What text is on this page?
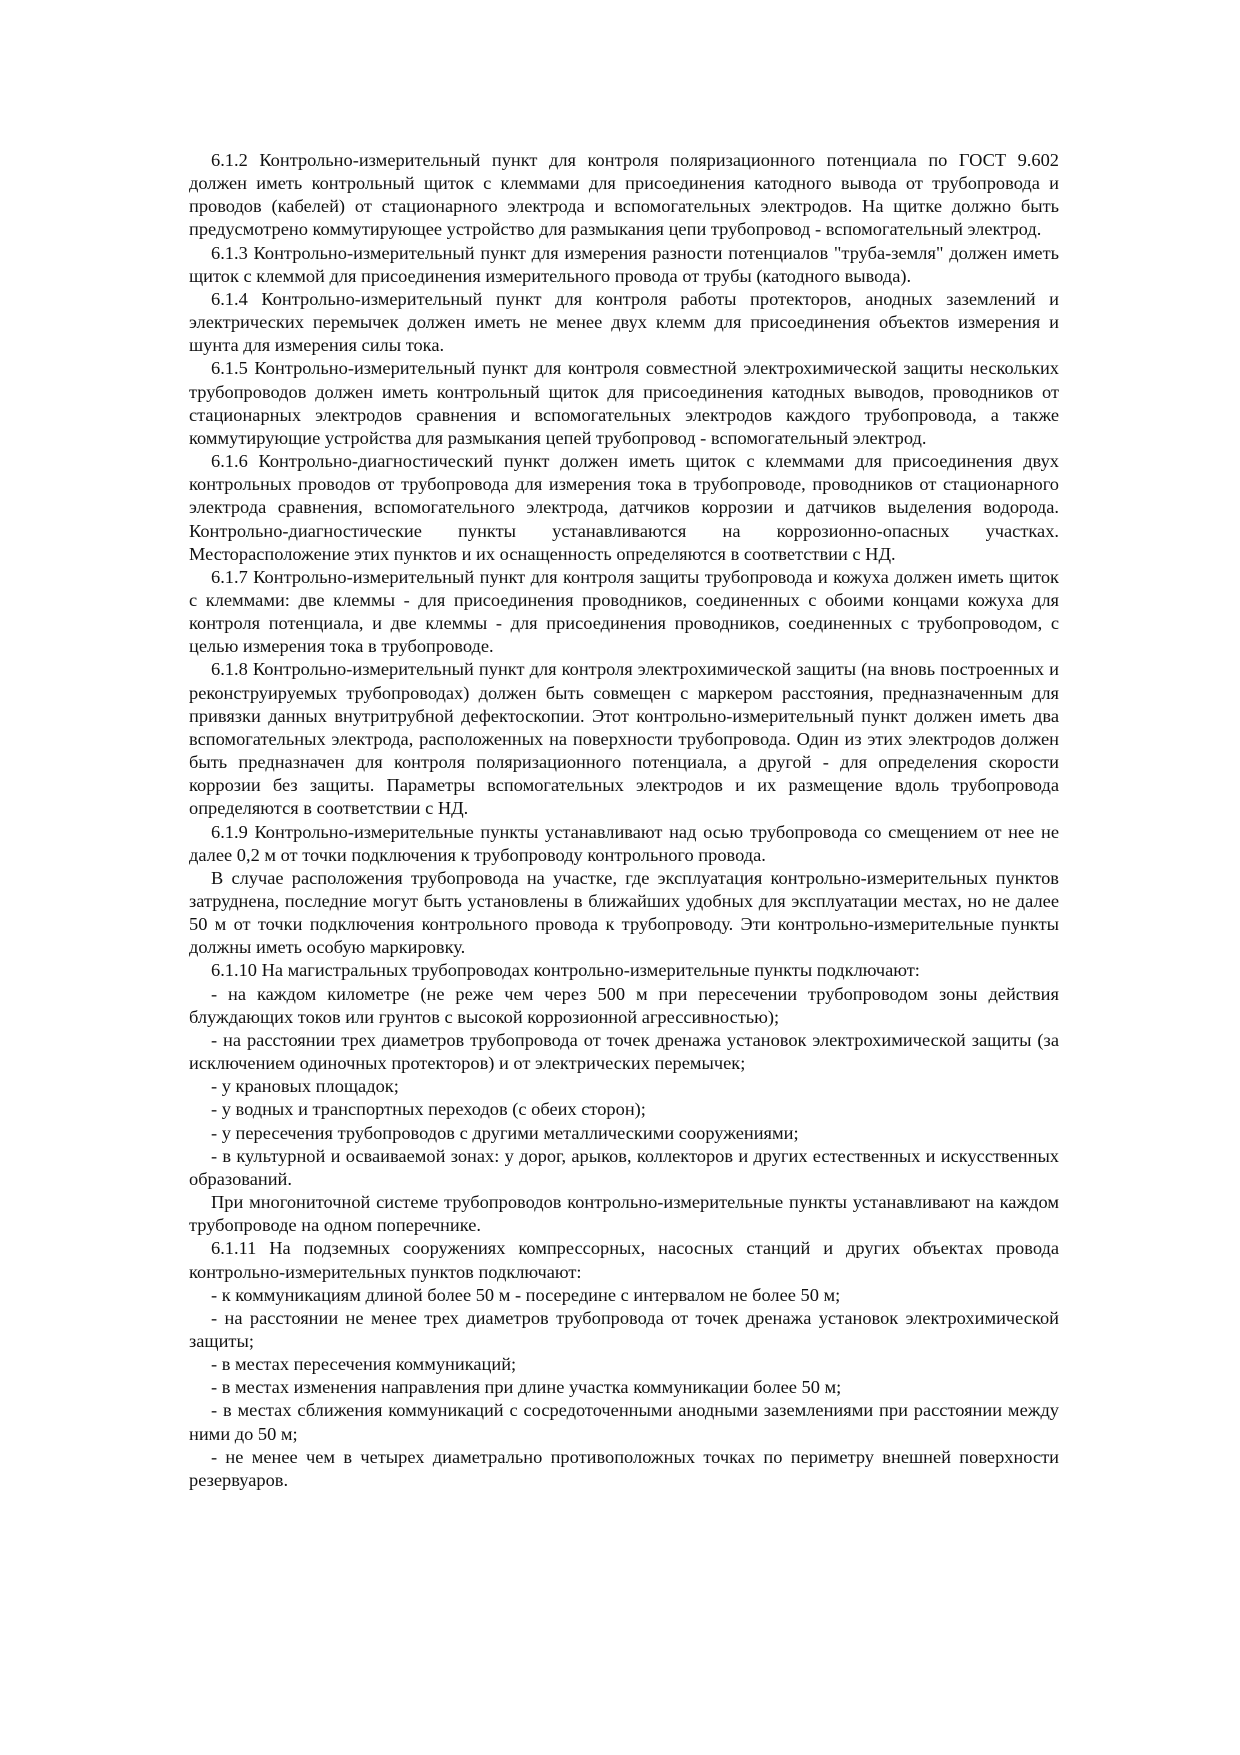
6.1.2 Контрольно-измерительный пункт для контроля поляризационного потенциала по ГОСТ 9.602 должен иметь контрольный щиток с клеммами для присоединения катодного вывода от трубопровода и проводов (кабелей) от стационарного электрода и вспомогательных электродов. На щитке должно быть предусмотрено коммутирующее устройство для размыкания цепи трубопровод - вспомогательный электрод.

6.1.3 Контрольно-измерительный пункт для измерения разности потенциалов "труба-земля" должен иметь щиток с клеммой для присоединения измерительного провода от трубы (катодного вывода).

6.1.4 Контрольно-измерительный пункт для контроля работы протекторов, анодных заземлений и электрических перемычек должен иметь не менее двух клемм для присоединения объектов измерения и шунта для измерения силы тока.

6.1.5 Контрольно-измерительный пункт для контроля совместной электрохимической защиты нескольких трубопроводов должен иметь контрольный щиток для присоединения катодных выводов, проводников от стационарных электродов сравнения и вспомогательных электродов каждого трубопровода, а также коммутирующие устройства для размыкания цепей трубопровод - вспомогательный электрод.

6.1.6 Контрольно-диагностический пункт должен иметь щиток с клеммами для присоединения двух контрольных проводов от трубопровода для измерения тока в трубопроводе, проводников от стационарного электрода сравнения, вспомогательного электрода, датчиков коррозии и датчиков выделения водорода. Контрольно-диагностические пункты устанавливаются на коррозионно-опасных участках. Месторасположение этих пунктов и их оснащенность определяются в соответствии с НД.

6.1.7 Контрольно-измерительный пункт для контроля защиты трубопровода и кожуха должен иметь щиток с клеммами: две клеммы - для присоединения проводников, соединенных с обоими концами кожуха для контроля потенциала, и две клеммы - для присоединения проводников, соединенных с трубопроводом, с целью измерения тока в трубопроводе.

6.1.8 Контрольно-измерительный пункт для контроля электрохимической защиты (на вновь построенных и реконструируемых трубопроводах) должен быть совмещен с маркером расстояния, предназначенным для привязки данных внутритрубной дефектоскопии. Этот контрольно-измерительный пункт должен иметь два вспомогательных электрода, расположенных на поверхности трубопровода. Один из этих электродов должен быть предназначен для контроля поляризационного потенциала, а другой - для определения скорости коррозии без защиты. Параметры вспомогательных электродов и их размещение вдоль трубопровода определяются в соответствии с НД.

6.1.9 Контрольно-измерительные пункты устанавливают над осью трубопровода со смещением от нее не далее 0,2 м от точки подключения к трубопроводу контрольного провода.

В случае расположения трубопровода на участке, где эксплуатация контрольно-измерительных пунктов затруднена, последние могут быть установлены в ближайших удобных для эксплуатации местах, но не далее 50 м от точки подключения контрольного провода к трубопроводу. Эти контрольно-измерительные пункты должны иметь особую маркировку.

6.1.10 На магистральных трубопроводах контрольно-измерительные пункты подключают:

- на каждом километре (не реже чем через 500 м при пересечении трубопроводом зоны действия блуждающих токов или грунтов с высокой коррозионной агрессивностью);

- на расстоянии трех диаметров трубопровода от точек дренажа установок электрохимической защиты (за исключением одиночных протекторов) и от электрических перемычек;

- у крановых площадок;

- у водных и транспортных переходов (с обеих сторон);

- у пересечения трубопроводов с другими металлическими сооружениями;

- в культурной и осваиваемой зонах: у дорог, арыков, коллекторов и других естественных и искусственных образований.

При многониточной системе трубопроводов контрольно-измерительные пункты устанавливают на каждом трубопроводе на одном поперечнике.

6.1.11 На подземных сооружениях компрессорных, насосных станций и других объектах провода контрольно-измерительных пунктов подключают:

- к коммуникациям длиной более 50 м - посередине с интервалом не более 50 м;

- на расстоянии не менее трех диаметров трубопровода от точек дренажа установок электрохимической защиты;

- в местах пересечения коммуникаций;

- в местах изменения направления при длине участка коммуникации более 50 м;

- в местах сближения коммуникаций с сосредоточенными анодными заземлениями при расстоянии между ними до 50 м;

- не менее чем в четырех диаметрально противоположных точках по периметру внешней поверхности резервуаров.
